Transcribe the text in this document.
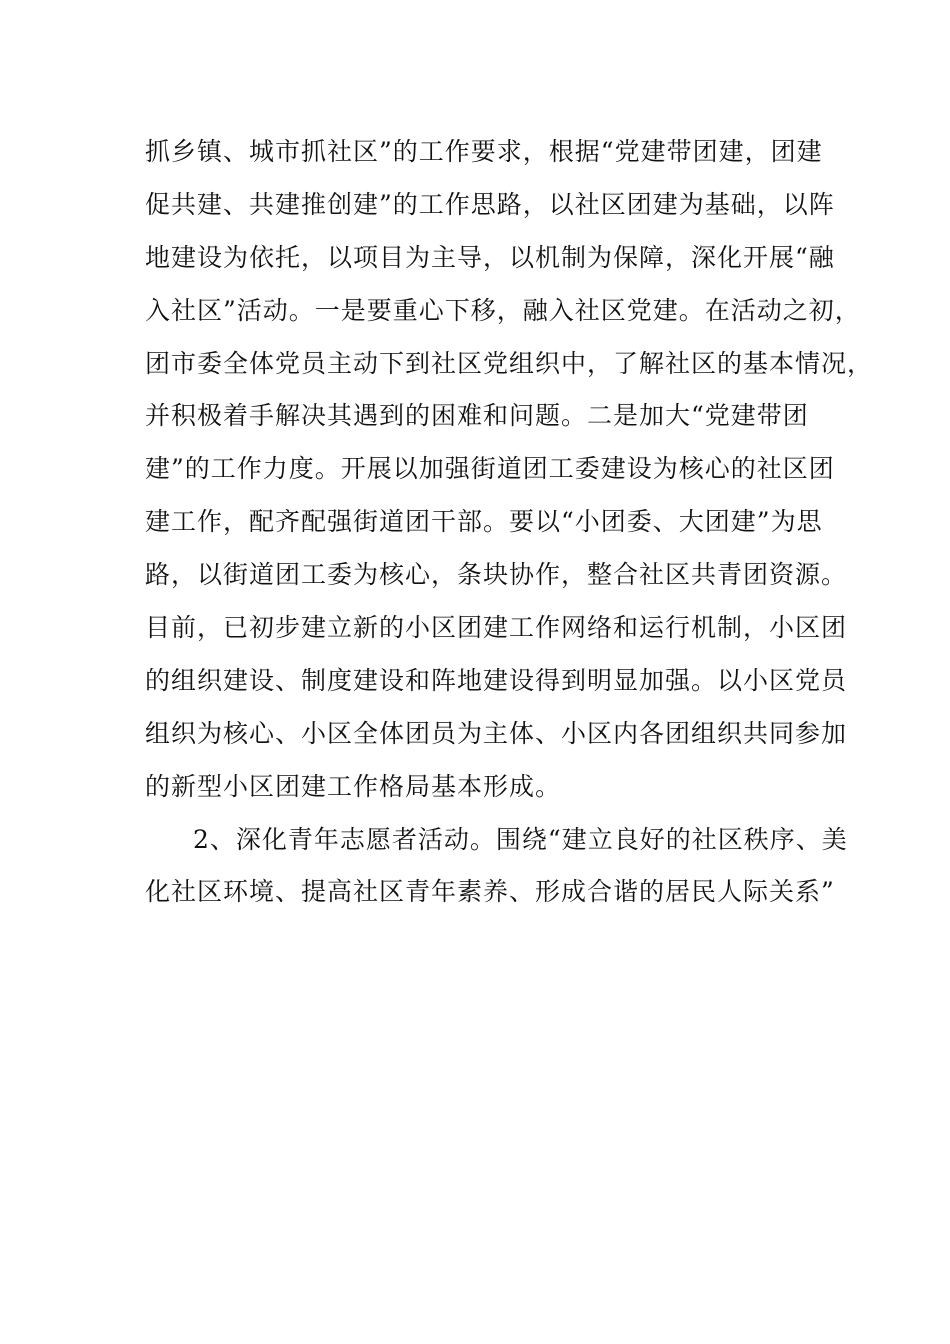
抓乡镇、城市抓社区”的工作要求，根据“党建带团建，团建
促共建、共建推创建”的工作思路，以社区团建为基础，以阵
地建设为依托，以项目为主导，以机制为保障，深化开展“融
入社区”活动。一是要重心下移，融入社区党建。在活动之初，
团市委全体党员主动下到社区党组织中，了解社区的基本情况，
并积极着手解决其遇到的困难和问题。二是加大“党建带团
建”的工作力度。开展以加强街道团工委建设为核心的社区团
建工作，配齐配强街道团干部。要以“小团委、大团建”为思
路，以街道团工委为核心，条块协作，整合社区共青团资源。
目前，已初步建立新的小区团建工作网络和运行机制，小区团
的组织建设、制度建设和阵地建设得到明显加强。以小区党员
组织为核心、小区全体团员为主体、小区内各团组织共同参加
的新型小区团建工作格局基本形成。
2、深化青年志愿者活动。围绕“建立良好的社区秩序、美
化社区环境、提高社区青年素养、形成合谐的居民人际关系”
